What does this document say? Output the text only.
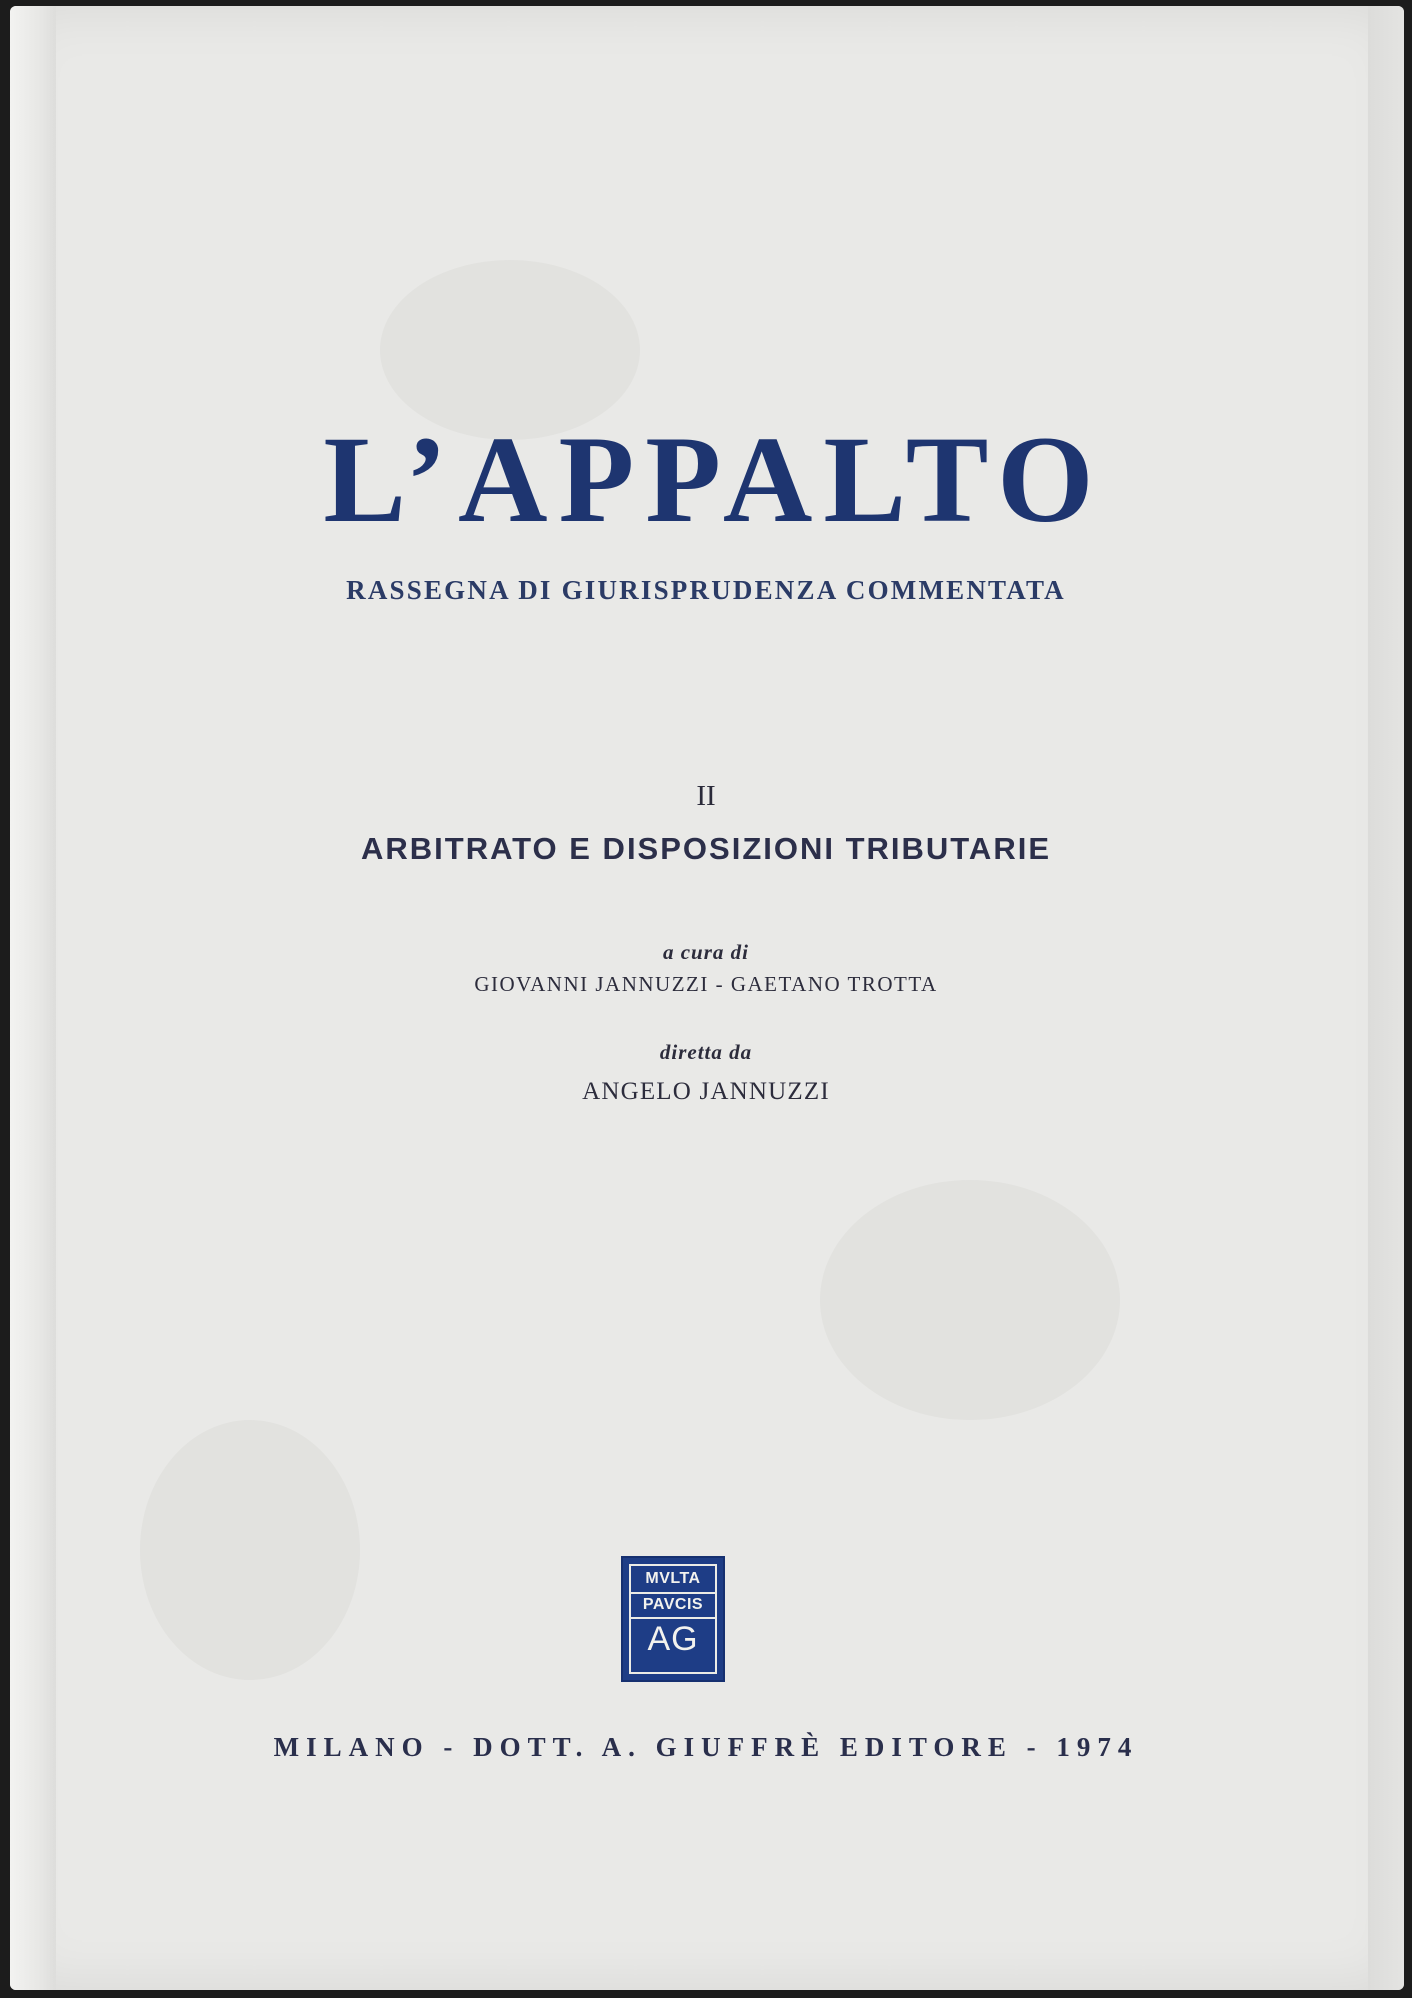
L’APPALTO
RASSEGNA DI GIURISPRUDENZA COMMENTATA
II
ARBITRATO E DISPOSIZIONI TRIBUTARIE
a cura di
GIOVANNI JANNUZZI - GAETANO TROTTA
diretta da
ANGELO JANNUZZI
MVLTA
PAVCIS
AG
MILANO - DOTT. A. GIUFFRÈ EDITORE - 1974
